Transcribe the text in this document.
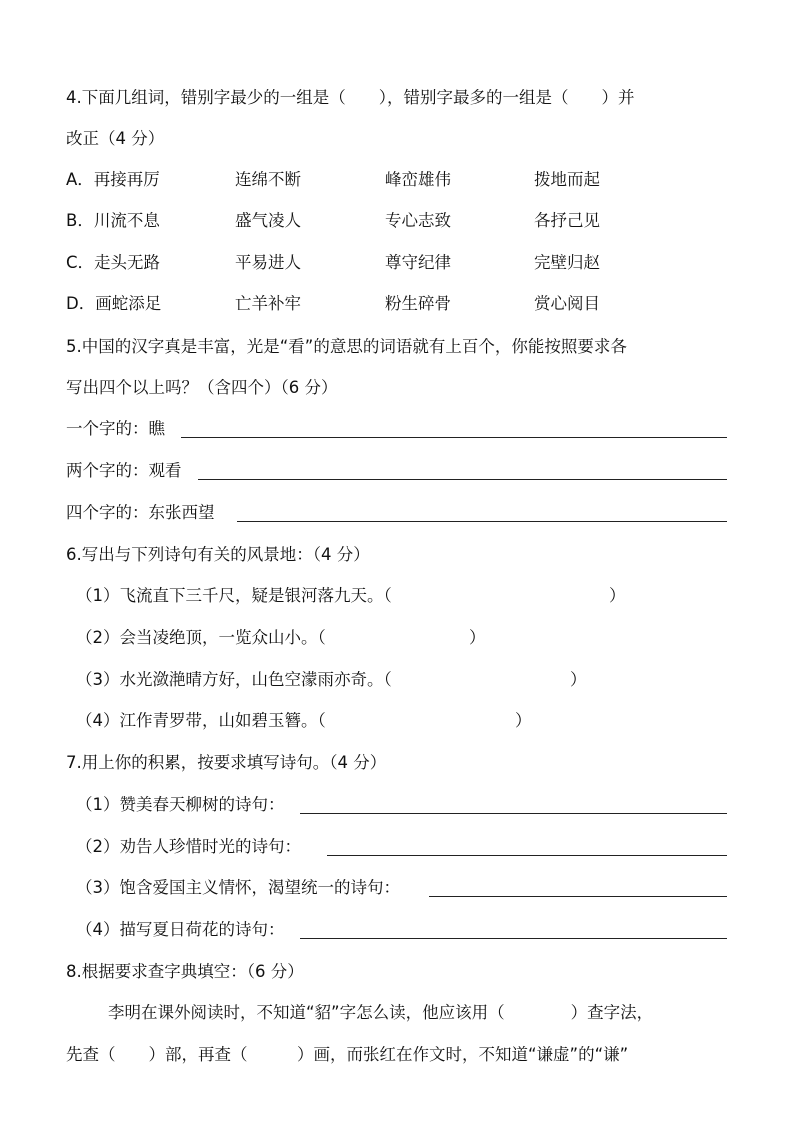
4.下面几组词，错别字最少的一组是（　　），错别字最多的一组是（　　）并
改正（4 分）
A．再接再厉	连绵不断	峰峦雄伟	拨地而起
B．川流不息	盛气凌人	专心志致	各抒己见
C．走头无路	平易进人	尊守纪律	完壁归赵
D．画蛇添足	亡羊补牢	粉生碎骨	赏心阅目
5.中国的汉字真是丰富，光是“看”的意思的词语就有上百个，你能按照要求各
写出四个以上吗？（含四个）（6 分）
一个字的：瞧
两个字的：观看
四个字的：东张西望
6.写出与下列诗句有关的风景地：（4 分）
（1）飞流直下三千尺，疑是银河落九天。（	）
（2）会当凌绝顶，一览众山小。（	）
（3）水光潋滟晴方好，山色空濛雨亦奇。（	）
（4）江作青罗带，山如碧玉簪。（	）
7.用上你的积累，按要求填写诗句。（4 分）
（1）赞美春天柳树的诗句：
（2）劝告人珍惜时光的诗句：
（3）饱含爱国主义情怀，渴望统一的诗句：
（4）描写夏日荷花的诗句：
8.根据要求查字典填空：（6 分）
李明在课外阅读时，不知道“貂”字怎么读，他应该用（　　　　）查字法，
先查（　　）部，再查（　　　）画，而张红在作文时，不知道“谦虚”的“谦”
